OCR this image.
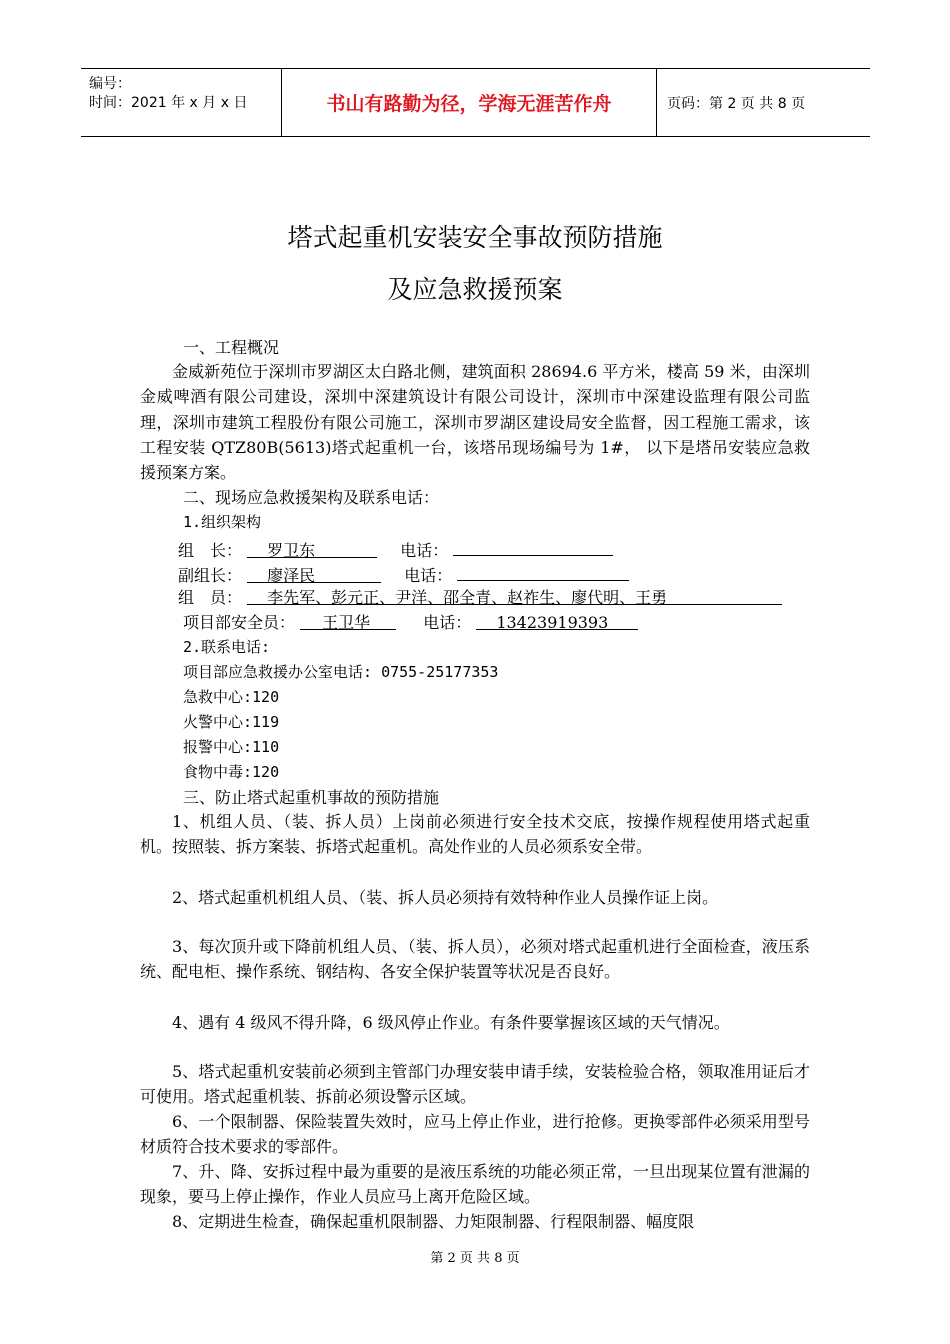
编号：
时间：2021 年 x 月 x 日	书山有路勤为径，学海无涯苦作舟	页码：第 2 页 共 8 页
塔式起重机安装安全事故预防措施
及应急救援预案
一、工程概况

金威新苑位于深圳市罗湖区太白路北侧，建筑面积 28694.6 平方米，楼高 59 米，由深圳金威啤酒有限公司建设，深圳中深建筑设计有限公司设计，深圳市中深建设监理有限公司监理，深圳市建筑工程股份有限公司施工，深圳市罗湖区建设局安全监督，因工程施工需求，该工程安装 QTZ80B(5613)塔式起重机一台，该塔吊现场编号为 1#， 以下是塔吊安装应急救援预案方案。

二、现场应急救援架构及联系电话：
1.组织架构
组　长： 罗卫东	电话：
副组长： 廖泽民	电话：
组　员： 李先军、彭元正、尹洋、邵全青、赵祚生、廖代明、王勇
项目部安全员： 王卫华	电话： 13423919393
2.联系电话:
项目部应急救援办公室电话: 0755-25177353
急救中心:120
火警中心:119
报警中心:110
食物中毒:120
三、防止塔式起重机事故的预防措施

1、机组人员、（装、拆人员）上岗前必须进行安全技术交底，按操作规程使用塔式起重机。按照装、拆方案装、拆塔式起重机。高处作业的人员必须系安全带。

2、塔式起重机机组人员、（装、拆人员必须持有效特种作业人员操作证上岗。

3、每次顶升或下降前机组人员、（装、拆人员），必须对塔式起重机进行全面检查，液压系统、配电柜、操作系统、钢结构、各安全保护装置等状况是否良好。

4、遇有 4 级风不得升降，6 级风停止作业。有条件要掌握该区域的天气情况。

5、塔式起重机安装前必须到主管部门办理安装申请手续，安装检验合格，领取准用证后才可使用。塔式起重机装、拆前必须设警示区域。

6、一个限制器、保险装置失效时，应马上停止作业，进行抢修。更换零部件必须采用型号材质符合技术要求的零部件。

7、升、降、安拆过程中最为重要的是液压系统的功能必须正常，一旦出现某位置有泄漏的现象，要马上停止操作，作业人员应马上离开危险区域。

8、定期进生检查，确保起重机限制器、力矩限制器、行程限制器、幅度限

第 2 页 共 8 页
